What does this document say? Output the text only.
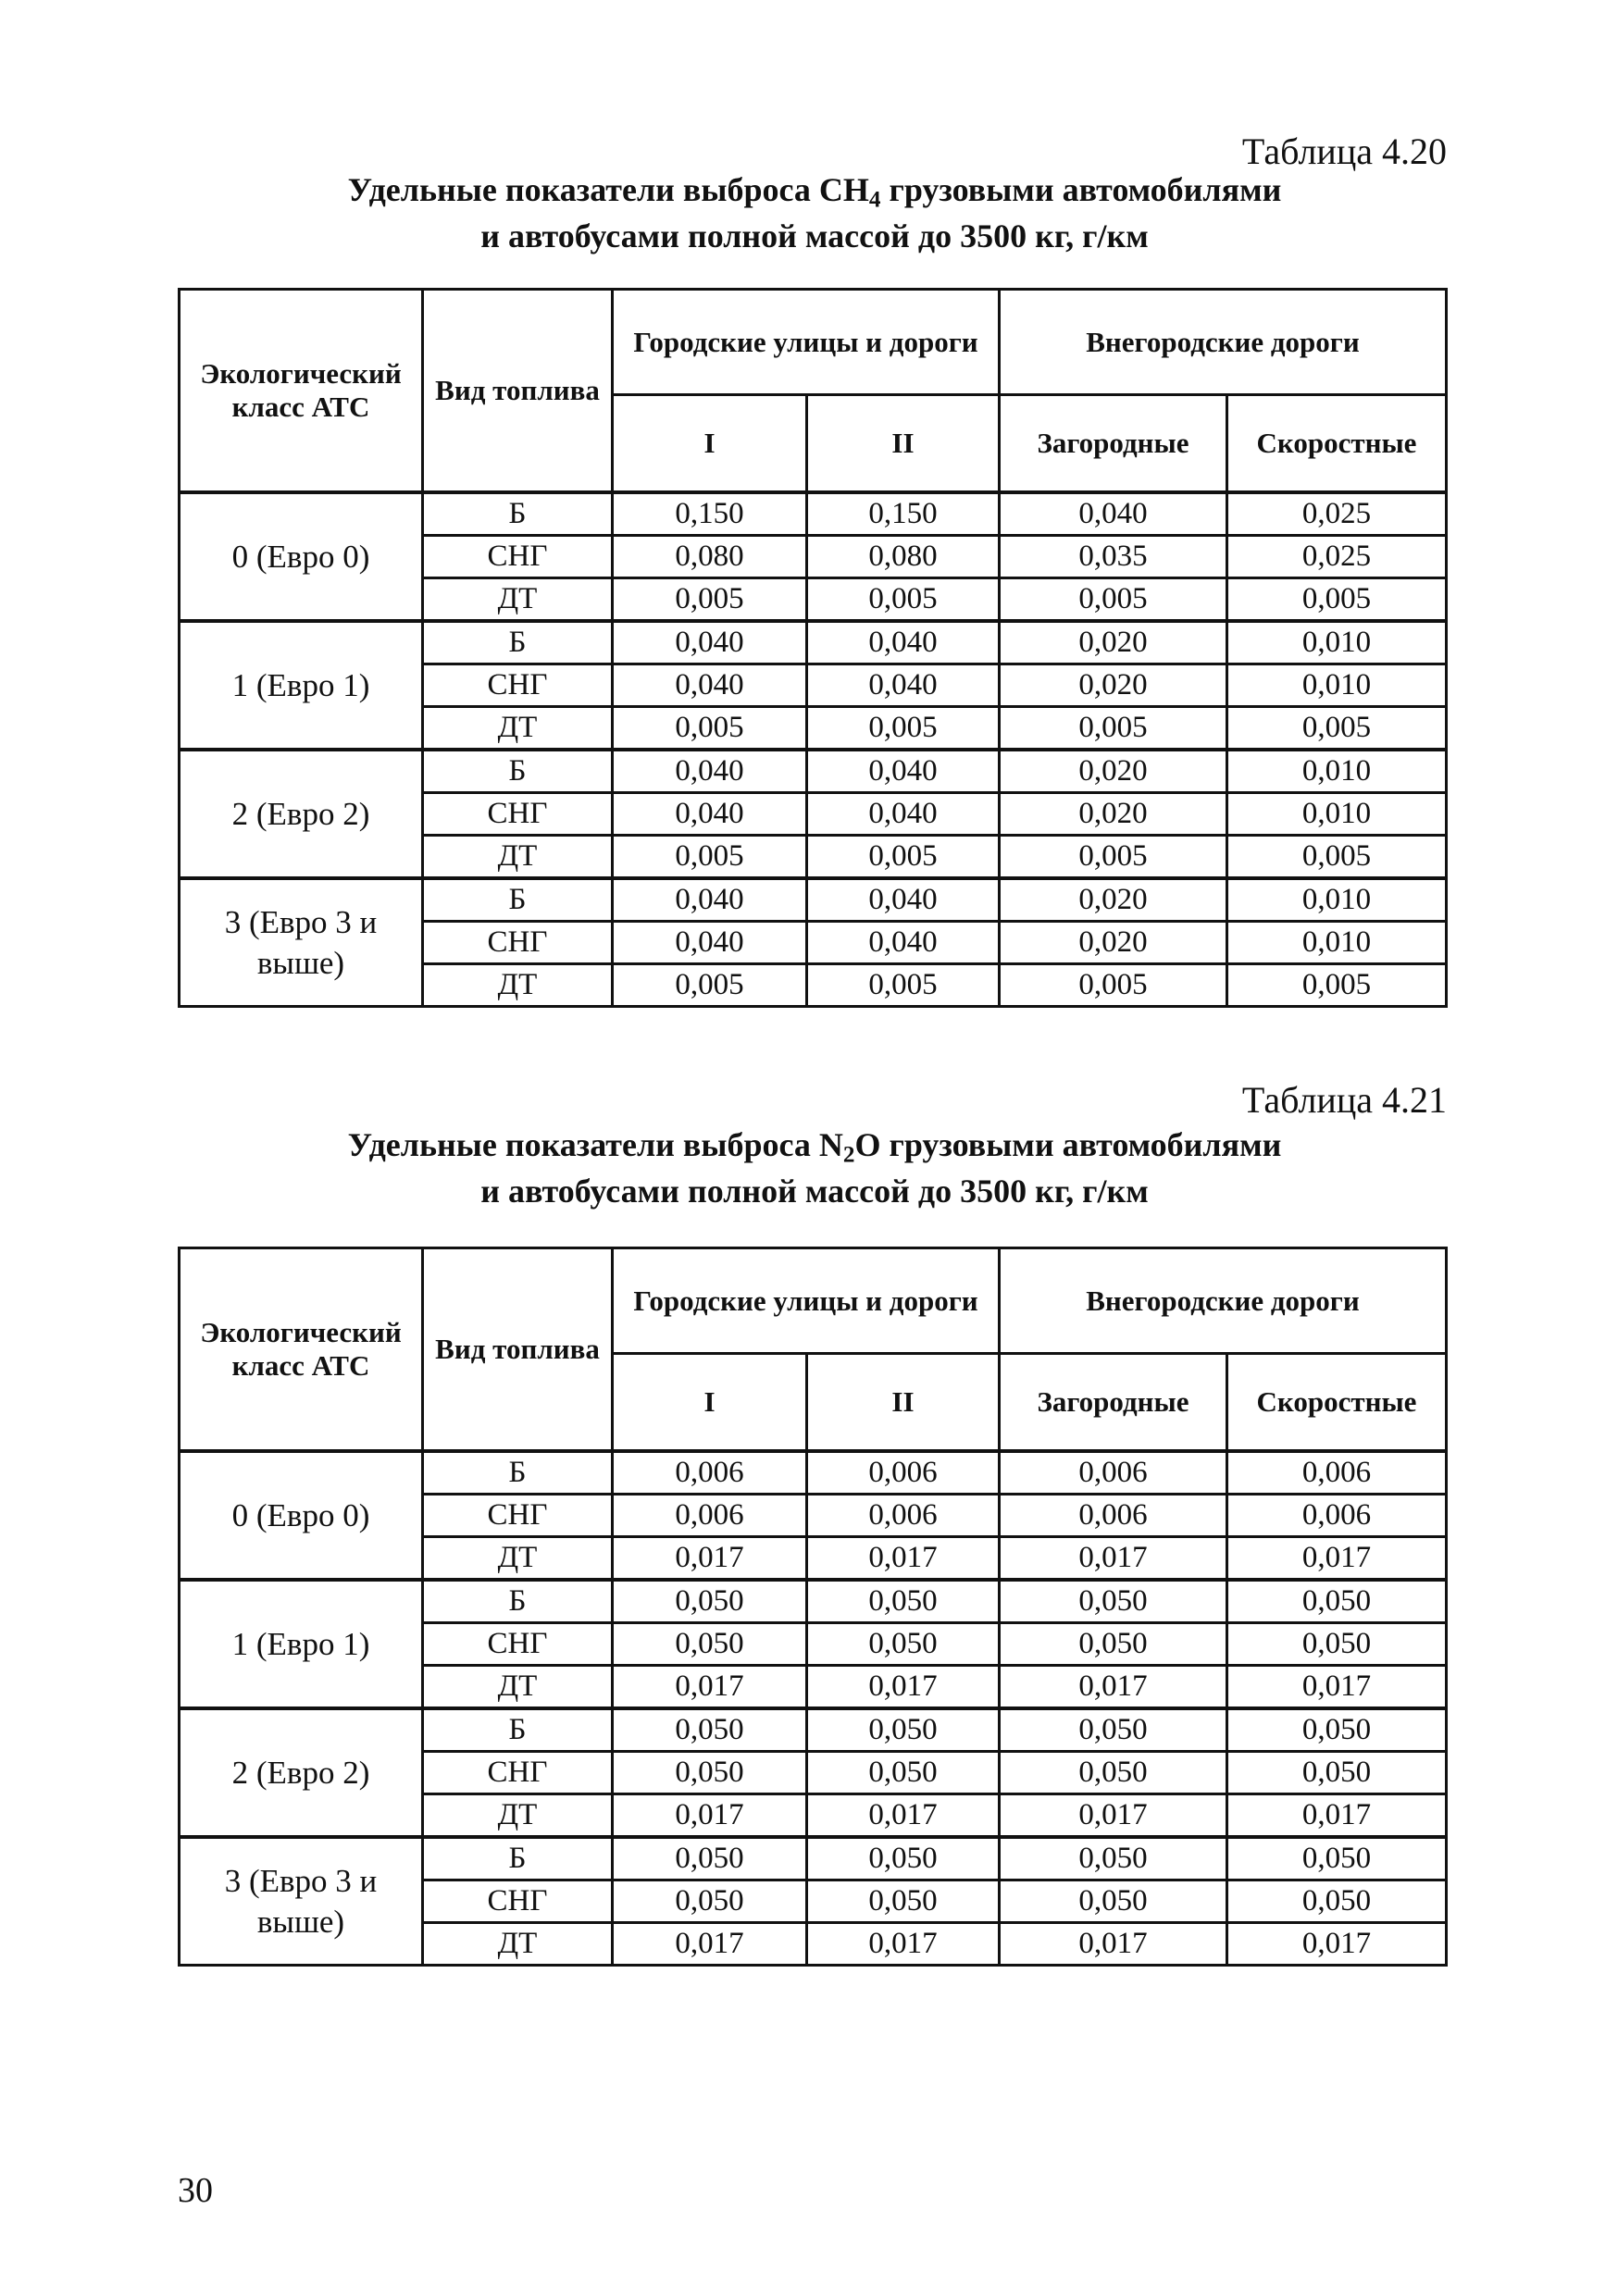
Таблица 4.20
Удельные показатели выброса $CH_4$ грузовыми автомобилями
и автобусами полной массой до 3500 кг, г/км
Экологический класс АТС	Вид топлива	Городские улицы и дороги		Внегородские дороги	
		I	II	Загородные	Скоростные
0 (Евро 0)	Б	0,150	0,150	0,040	0,025
	СНГ	0,080	0,080	0,035	0,025
	ДТ	0,005	0,005	0,005	0,005
1 (Евро 1)	Б	0,040	0,040	0,020	0,010
	СНГ	0,040	0,040	0,020	0,010
	ДТ	0,005	0,005	0,005	0,005
2 (Евро 2)	Б	0,040	0,040	0,020	0,010
	СНГ	0,040	0,040	0,020	0,010
	ДТ	0,005	0,005	0,005	0,005
3 (Евро 3 и выше)	Б	0,040	0,040	0,020	0,010
	СНГ	0,040	0,040	0,020	0,010
	ДТ	0,005	0,005	0,005	0,005
Таблица 4.21
Удельные показатели выброса $N_2O$ грузовыми автомобилями
и автобусами полной массой до 3500 кг, г/км
Экологический класс АТС	Вид топлива	Городские улицы и дороги		Внегородские дороги	
		I	II	Загородные	Скоростные
0 (Евро 0)	Б	0,006	0,006	0,006	0,006
	СНГ	0,006	0,006	0,006	0,006
	ДТ	0,017	0,017	0,017	0,017
1 (Евро 1)	Б	0,050	0,050	0,050	0,050
	СНГ	0,050	0,050	0,050	0,050
	ДТ	0,017	0,017	0,017	0,017
2 (Евро 2)	Б	0,050	0,050	0,050	0,050
	СНГ	0,050	0,050	0,050	0,050
	ДТ	0,017	0,017	0,017	0,017
3 (Евро 3 и выше)	Б	0,050	0,050	0,050	0,050
	СНГ	0,050	0,050	0,050	0,050
	ДТ	0,017	0,017	0,017	0,017
30
